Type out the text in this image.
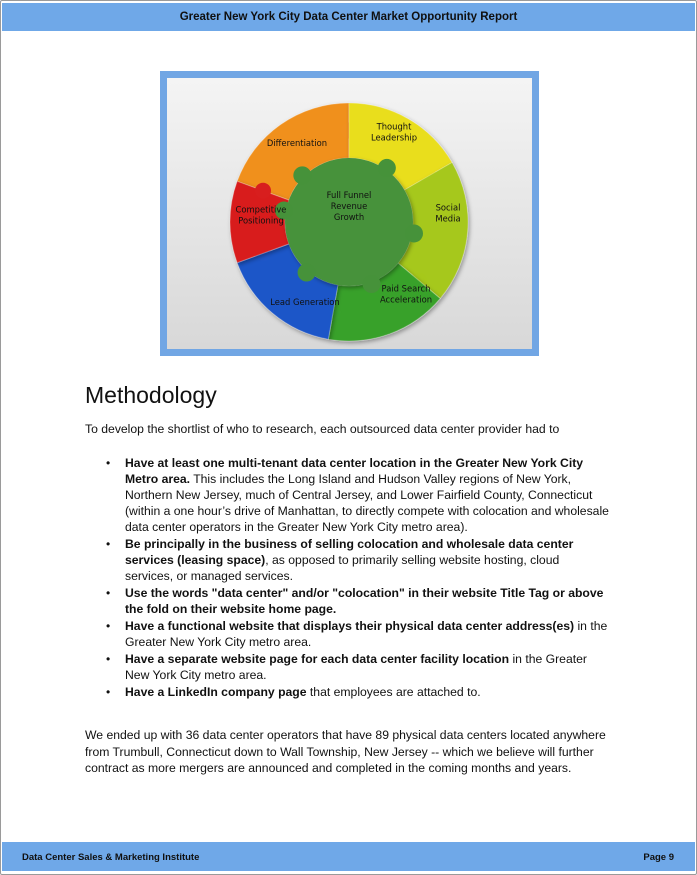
Greater New York City Data Center Market Opportunity Report
Differentiation
Thought Leadership
Social Media
Paid Search Acceleration
Lead Generation
Competitive Positioning
Full Funnel Revenue Growth
Methodology

To develop the shortlist of who to research, each outsourced data center provider had to

• Have at least one multi-tenant data center location in the Greater New York City Metro area. This includes the Long Island and Hudson Valley regions of New York, Northern New Jersey, much of Central Jersey, and Lower Fairfield County, Connecticut (within a one hour’s drive of Manhattan, to directly compete with colocation and wholesale data center operators in the Greater New York City metro area).
• Be principally in the business of selling colocation and wholesale data center services (leasing space), as opposed to primarily selling website hosting, cloud services, or managed services.
• Use the words "data center" and/or "colocation" in their website Title Tag or above the fold on their website home page.
• Have a functional website that displays their physical data center address(es) in the Greater New York City metro area.
• Have a separate website page for each data center facility location in the Greater New York City metro area.
• Have a LinkedIn company page that employees are attached to.

We ended up with 36 data center operators that have 89 physical data centers located anywhere from Trumbull, Connecticut down to Wall Township, New Jersey -- which we believe will further contract as more mergers are announced and completed in the coming months and years.

Data Center Sales & Marketing Institute	Page 9
